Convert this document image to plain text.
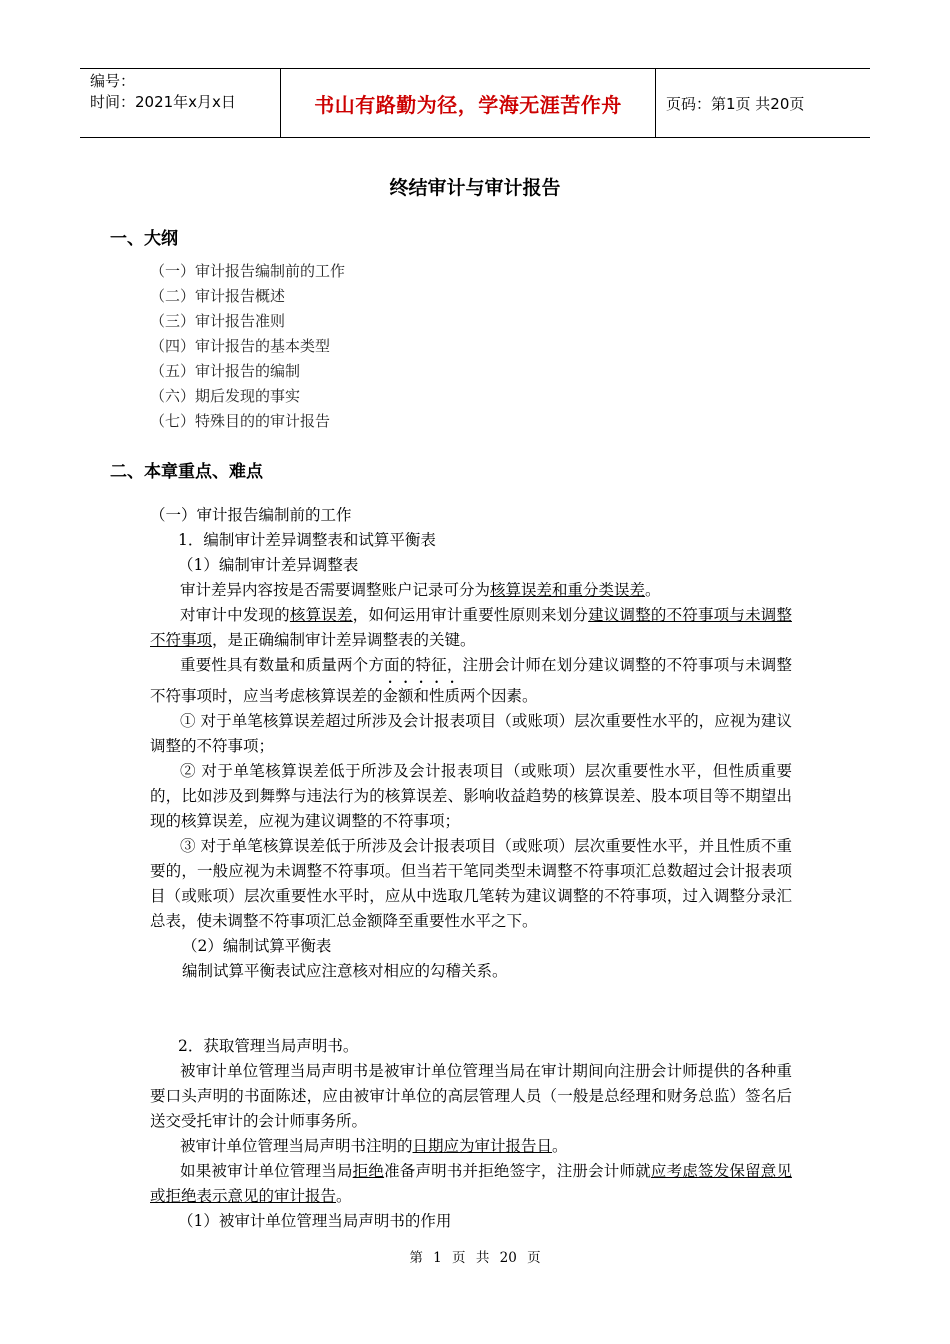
编号：
时间：2021年x月x日	书山有路勤为径，学海无涯苦作舟	页码：第1页 共20页
终结审计与审计报告
一、大纲
（一）审计报告编制前的工作
（二）审计报告概述
（三）审计报告准则
（四）审计报告的基本类型
（五）审计报告的编制
（六）期后发现的事实
（七）特殊目的的审计报告
二、本章重点、难点

（一）审计报告编制前的工作

1．编制审计差异调整表和试算平衡表

（1）编制审计差异调整表

审计差异内容按是否需要调整账户记录可分为核算误差和重分类误差。

对审计中发现的核算误差，如何运用审计重要性原则来划分建议调整的不符事项与未调整不符事项，是正确编制审计差异调整表的关键。

重要性具有数量和质量两个方面的特征，注册会计师在划分建议调整的不符事项与未调整不符事项时，应当考虑核算误差的金额和性质两个因素。

① 对于单笔核算误差超过所涉及会计报表项目（或账项）层次重要性水平的，应视为建议调整的不符事项；

② 对于单笔核算误差低于所涉及会计报表项目（或账项）层次重要性水平，但性质重要的，比如涉及到舞弊与违法行为的核算误差、影响收益趋势的核算误差、股本项目等不期望出现的核算误差，应视为建议调整的不符事项；

③ 对于单笔核算误差低于所涉及会计报表项目（或账项）层次重要性水平，并且性质不重要的，一般应视为未调整不符事项。但当若干笔同类型未调整不符事项汇总数超过会计报表项目（或账项）层次重要性水平时，应从中选取几笔转为建议调整的不符事项，过入调整分录汇总表，使未调整不符事项汇总金额降至重要性水平之下。

（2）编制试算平衡表

编制试算平衡表试应注意核对相应的勾稽关系。

2．获取管理当局声明书。

被审计单位管理当局声明书是被审计单位管理当局在审计期间向注册会计师提供的各种重要口头声明的书面陈述，应由被审计单位的高层管理人员（一般是总经理和财务总监）签名后送交受托审计的会计师事务所。

被审计单位管理当局声明书注明的日期应为审计报告日。

如果被审计单位管理当局拒绝准备声明书并拒绝签字，注册会计师就应考虑签发保留意见或拒绝表示意见的审计报告。

（1）被审计单位管理当局声明书的作用

第 1 页 共 20 页
